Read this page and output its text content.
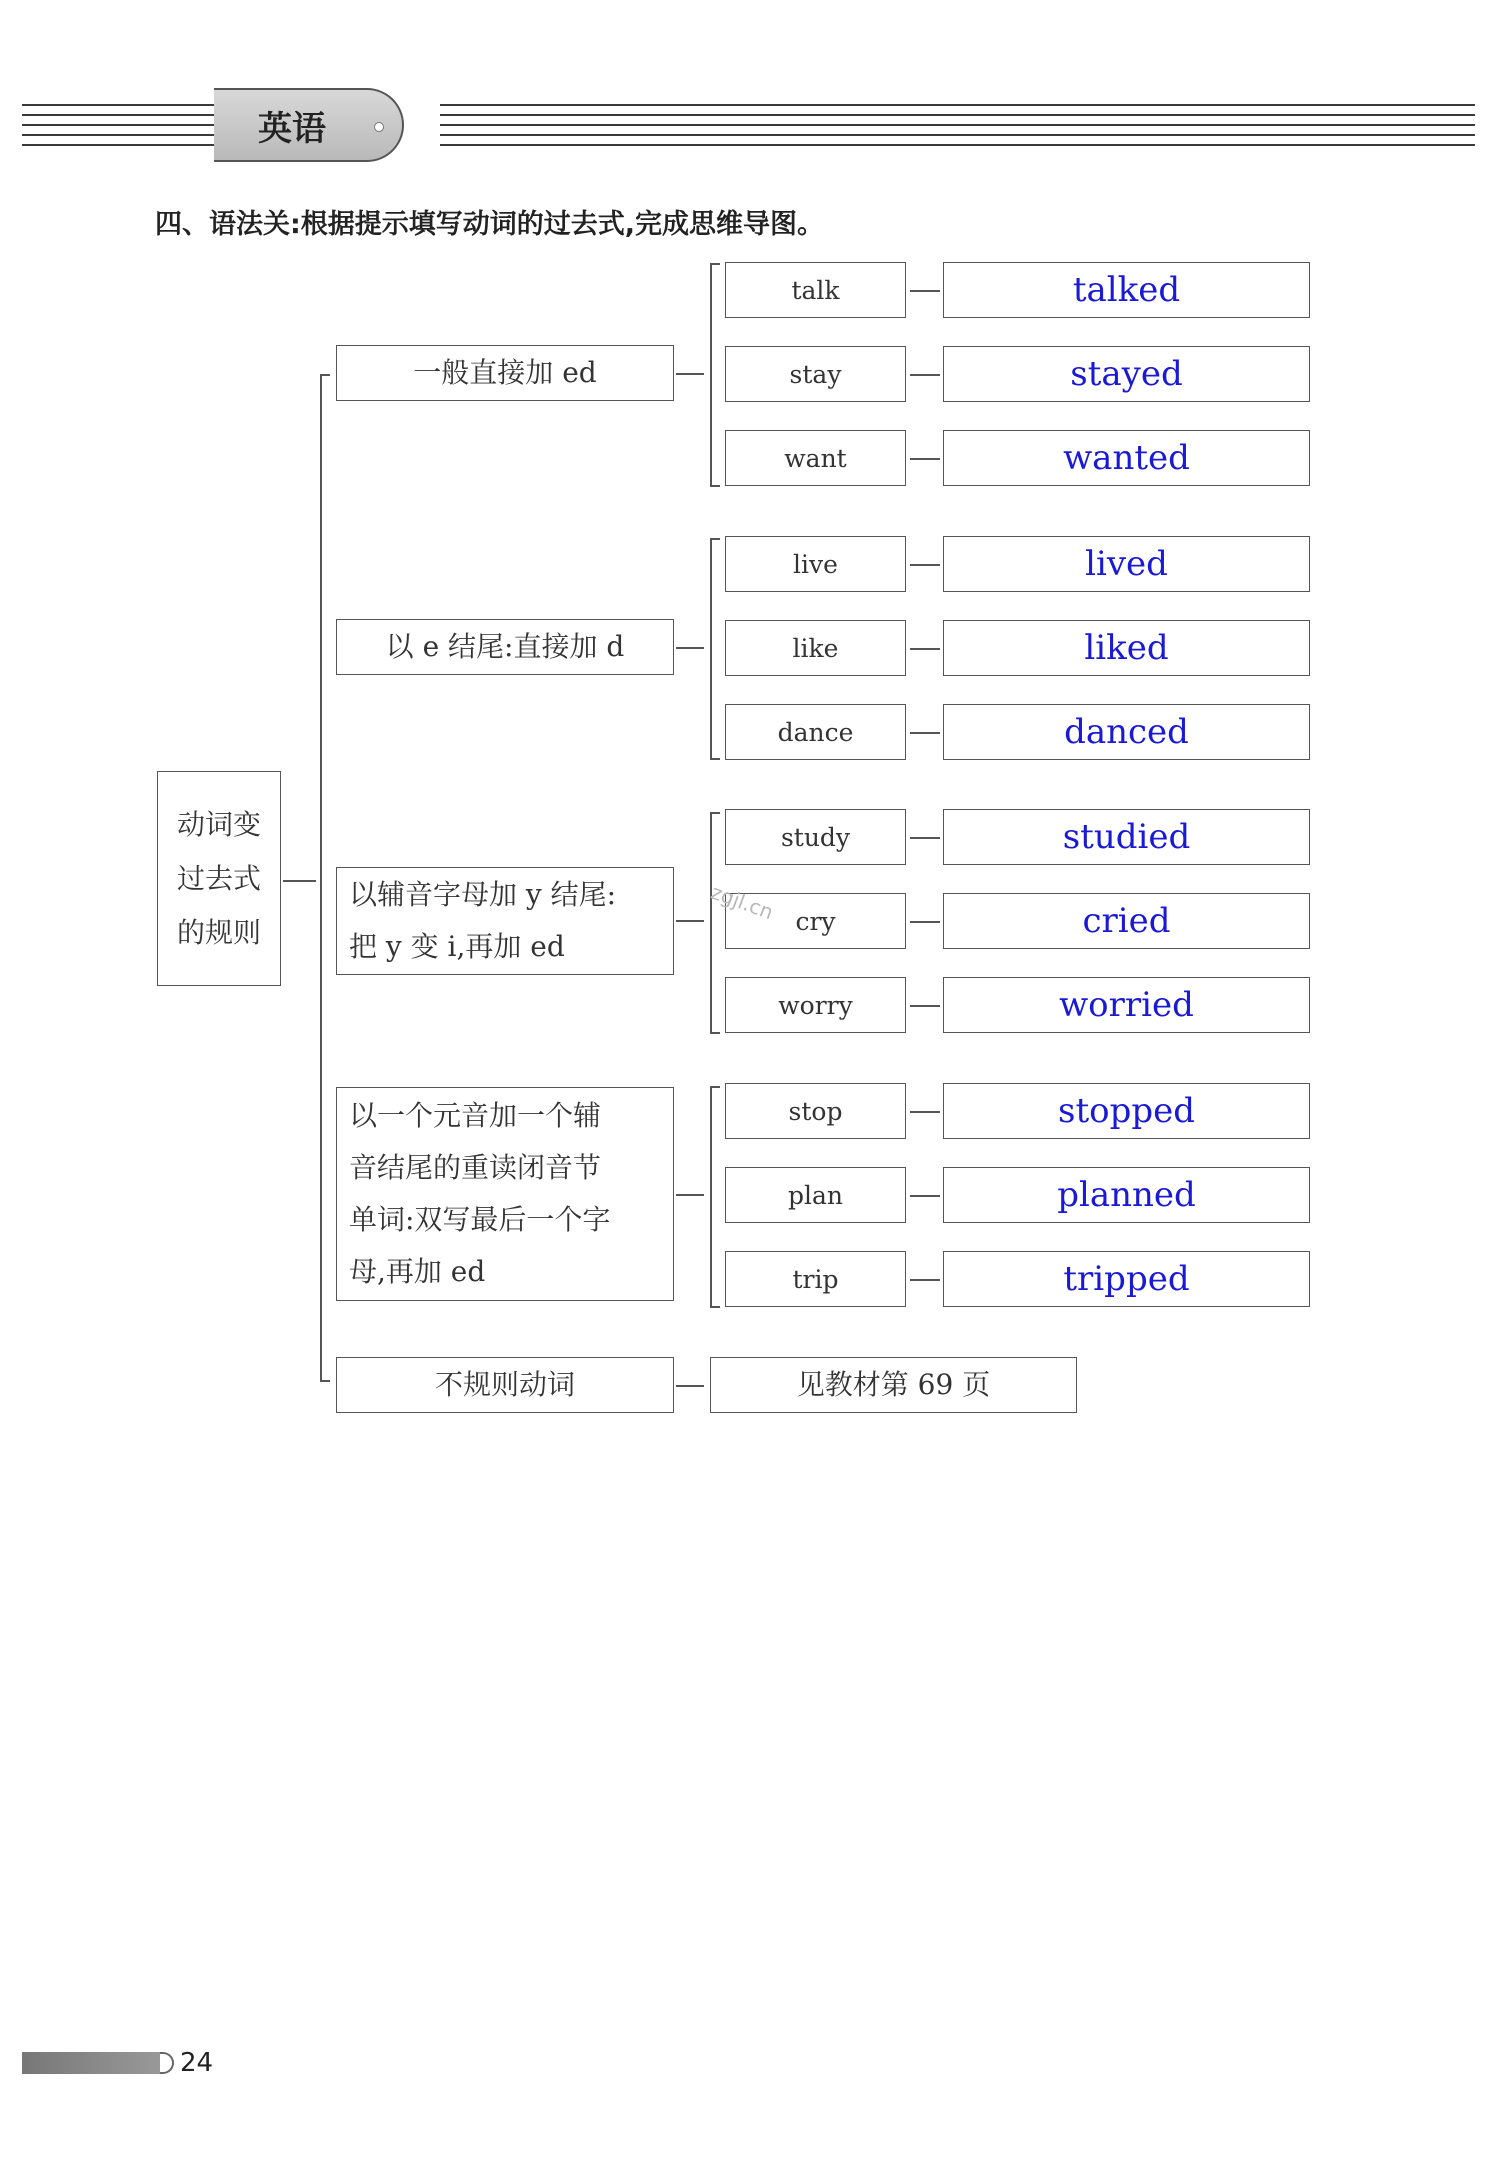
英语
四、语法关:根据提示填写动词的过去式,完成思维导图。
动词变
过去式
的规则
一般直接加 ed
talk	talked
stay	stayed
want	wanted
以 e 结尾:直接加 d
live	lived
like	liked
dance	danced
以辅音字母加 y 结尾:
把 y 变 i,再加 ed
study	studied
cry	cried
worry	worried
zgjl.cn
以一个元音加一个辅
音结尾的重读闭音节
单词:双写最后一个字
母,再加 ed
stop	stopped
plan	planned
trip	tripped
不规则动词	见教材第 69 页
24
